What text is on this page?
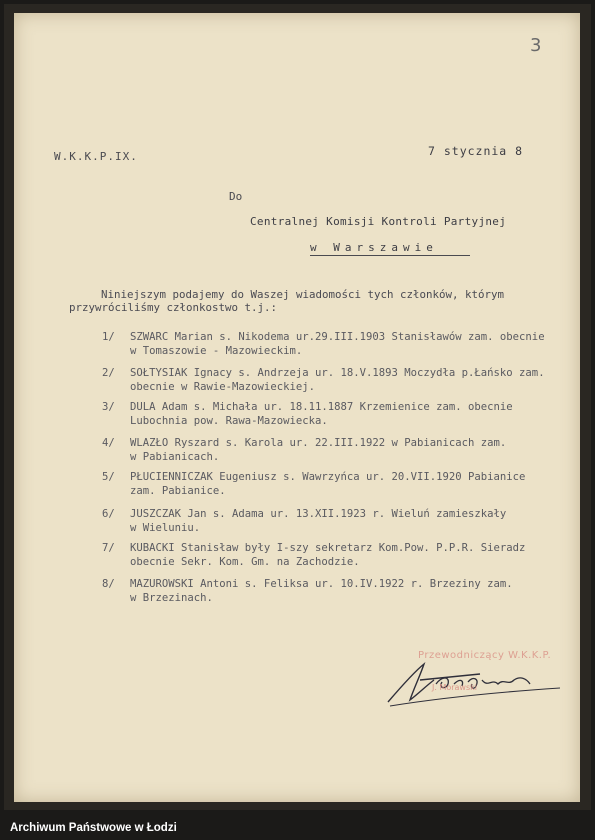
3
W.K.K.P.IX.	7 stycznia 8
Do
Centralnej Komisji Kontroli Partyjnej
w Warszawie
Niniejszym podajemy do Waszej wiadomości tych członków, którym
przywróciliśmy członkostwo t.j.:
1/	SZWARC Marian s. Nikodema ur.29.III.1903 Stanisławów zam. obecnie
w Tomaszowie - Mazowieckim.
2/	SOŁTYSIAK Ignacy s. Andrzeja ur. 18.V.1893 Moczydła p.Łańsko zam.
obecnie w Rawie-Mazowieckiej.
3/	DULA Adam s. Michała ur. 18.11.1887 Krzemienice zam. obecnie
Lubochnia pow. Rawa-Mazowiecka.
4/	WLAZŁO Ryszard s. Karola ur. 22.III.1922 w Pabianicach zam.
w Pabianicach.
5/	PŁUCIENNICZAK Eugeniusz s. Wawrzyńca ur. 20.VII.1920 Pabianice
zam. Pabianice.
6/	JUSZCZAK Jan s. Adama ur. 13.XII.1923 r. Wieluń zamieszkały
w Wieluniu.
7/	KUBACKI Stanisław były I-szy sekretarz Kom.Pow. P.P.R. Sieradz
obecnie Sekr. Kom. Gm. na Zachodzie.
8/	MAZUROWSKI Antoni s. Feliksa ur. 10.IV.1922 r. Brzeziny zam.
w Brzezinach.
Przewodniczący W.K.K.P.
J. Morawski
Archiwum Państwowe w Łodzi
